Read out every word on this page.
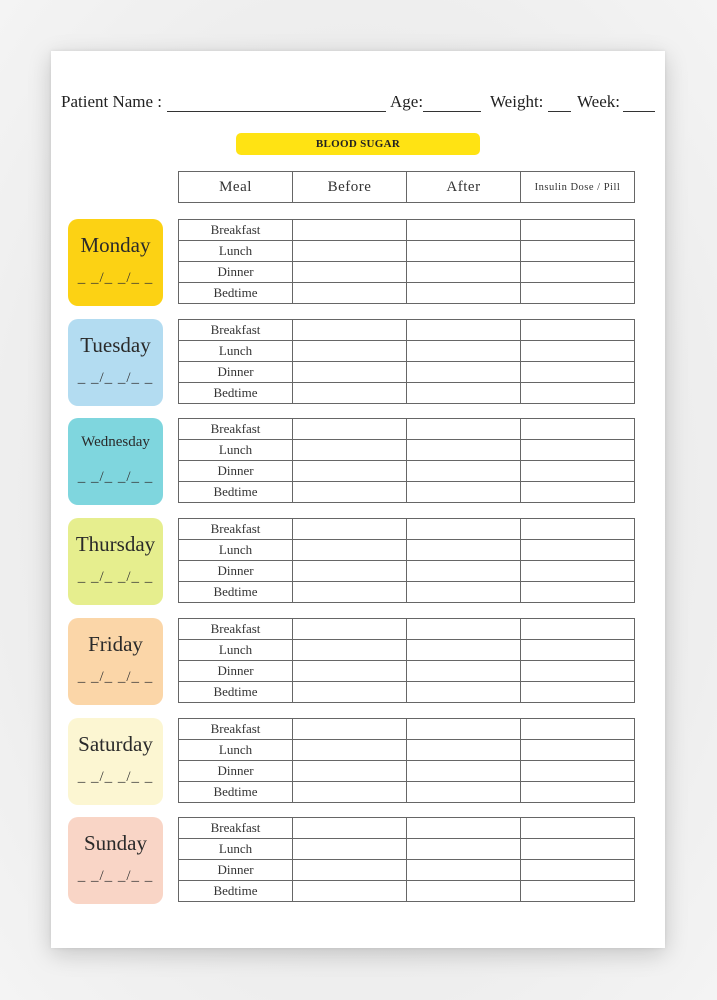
Patient Name :	Age:	Weight: Week:
BLOOD SUGAR
Meal	Before	After	Insulin Dose / Pill
Monday
_ _/_ _/_ _
Breakfast			
Lunch			
Dinner			
Bedtime			
Tuesday
_ _/_ _/_ _
Breakfast			
Lunch			
Dinner			
Bedtime			
Wednesday
_ _/_ _/_ _
Breakfast			
Lunch			
Dinner			
Bedtime			
Thursday
_ _/_ _/_ _
Breakfast			
Lunch			
Dinner			
Bedtime			
Friday
_ _/_ _/_ _
Breakfast			
Lunch			
Dinner			
Bedtime			
Saturday
_ _/_ _/_ _
Breakfast			
Lunch			
Dinner			
Bedtime			
Sunday
_ _/_ _/_ _
Breakfast			
Lunch			
Dinner			
Bedtime			
